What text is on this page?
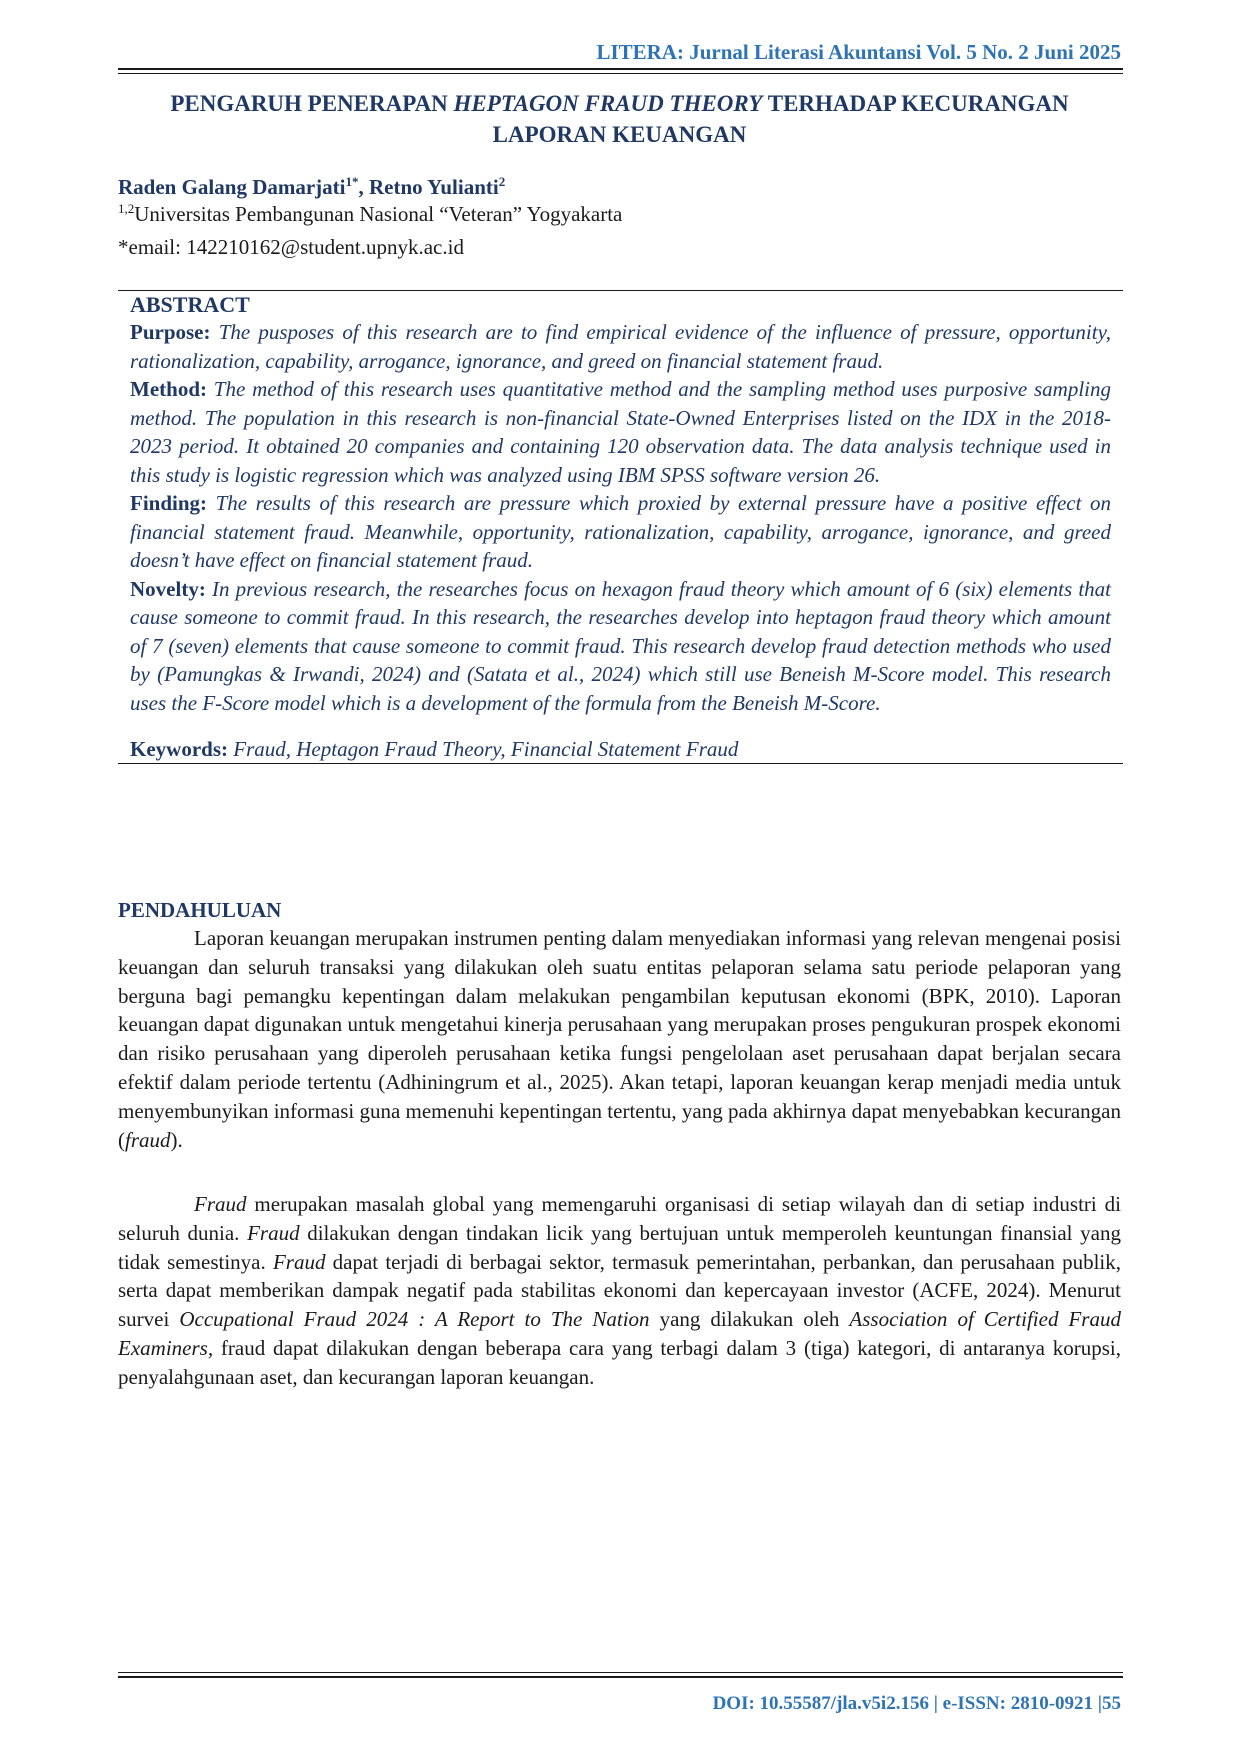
LITERA: Jurnal Literasi Akuntansi Vol. 5 No. 2 Juni 2025
PENGARUH PENERAPAN HEPTAGON FRAUD THEORY TERHADAP KECURANGAN
LAPORAN KEUANGAN
Raden Galang Damarjati$^{1*}$, Retno Yulianti$^2$
$^{1,2}$Universitas Pembangunan Nasional “Veteran” Yogyakarta
*email: 142210162@student.upnyk.ac.id
ABSTRACT

Purpose: The pusposes of this research are to find empirical evidence of the influence of pressure, opportunity, rationalization, capability, arrogance, ignorance, and greed on financial statement fraud.

Method: The method of this research uses quantitative method and the sampling method uses purposive sampling method. The population in this research is non-financial State-Owned Enterprises listed on the IDX in the 2018-2023 period. It obtained 20 companies and containing 120 observation data. The data analysis technique used in this study is logistic regression which was analyzed using IBM SPSS software version 26.

Finding: The results of this research are pressure which proxied by external pressure have a positive effect on financial statement fraud. Meanwhile, opportunity, rationalization, capability, arrogance, ignorance, and greed doesn’t have effect on financial statement fraud.

Novelty: In previous research, the researches focus on hexagon fraud theory which amount of 6 (six) elements that cause someone to commit fraud. In this research, the researches develop into heptagon fraud theory which amount of 7 (seven) elements that cause someone to commit fraud. This research develop fraud detection methods who used by (Pamungkas & Irwandi, 2024) and (Satata et al., 2024) which still use Beneish M-Score model. This research uses the F-Score model which is a development of the formula from the Beneish M-Score.

Keywords: Fraud, Heptagon Fraud Theory, Financial Statement Fraud
PENDAHULUAN

Laporan keuangan merupakan instrumen penting dalam menyediakan informasi yang relevan mengenai posisi keuangan dan seluruh transaksi yang dilakukan oleh suatu entitas pelaporan selama satu periode pelaporan yang berguna bagi pemangku kepentingan dalam melakukan pengambilan keputusan ekonomi (BPK, 2010). Laporan keuangan dapat digunakan untuk mengetahui kinerja perusahaan yang merupakan proses pengukuran prospek ekonomi dan risiko perusahaan yang diperoleh perusahaan ketika fungsi pengelolaan aset perusahaan dapat berjalan secara efektif dalam periode tertentu (Adhiningrum et al., 2025). Akan tetapi, laporan keuangan kerap menjadi media untuk menyembunyikan informasi guna memenuhi kepentingan tertentu, yang pada akhirnya dapat menyebabkan kecurangan (fraud).

Fraud merupakan masalah global yang memengaruhi organisasi di setiap wilayah dan di setiap industri di seluruh dunia. Fraud dilakukan dengan tindakan licik yang bertujuan untuk memperoleh keuntungan finansial yang tidak semestinya. Fraud dapat terjadi di berbagai sektor, termasuk pemerintahan, perbankan, dan perusahaan publik, serta dapat memberikan dampak negatif pada stabilitas ekonomi dan kepercayaan investor (ACFE, 2024). Menurut survei Occupational Fraud 2024 : A Report to The Nation yang dilakukan oleh Association of Certified Fraud Examiners, fraud dapat dilakukan dengan beberapa cara yang terbagi dalam 3 (tiga) kategori, di antaranya korupsi, penyalahgunaan aset, dan kecurangan laporan keuangan.

DOI: 10.55587/jla.v5i2.156 | e-ISSN: 2810-0921 |55
